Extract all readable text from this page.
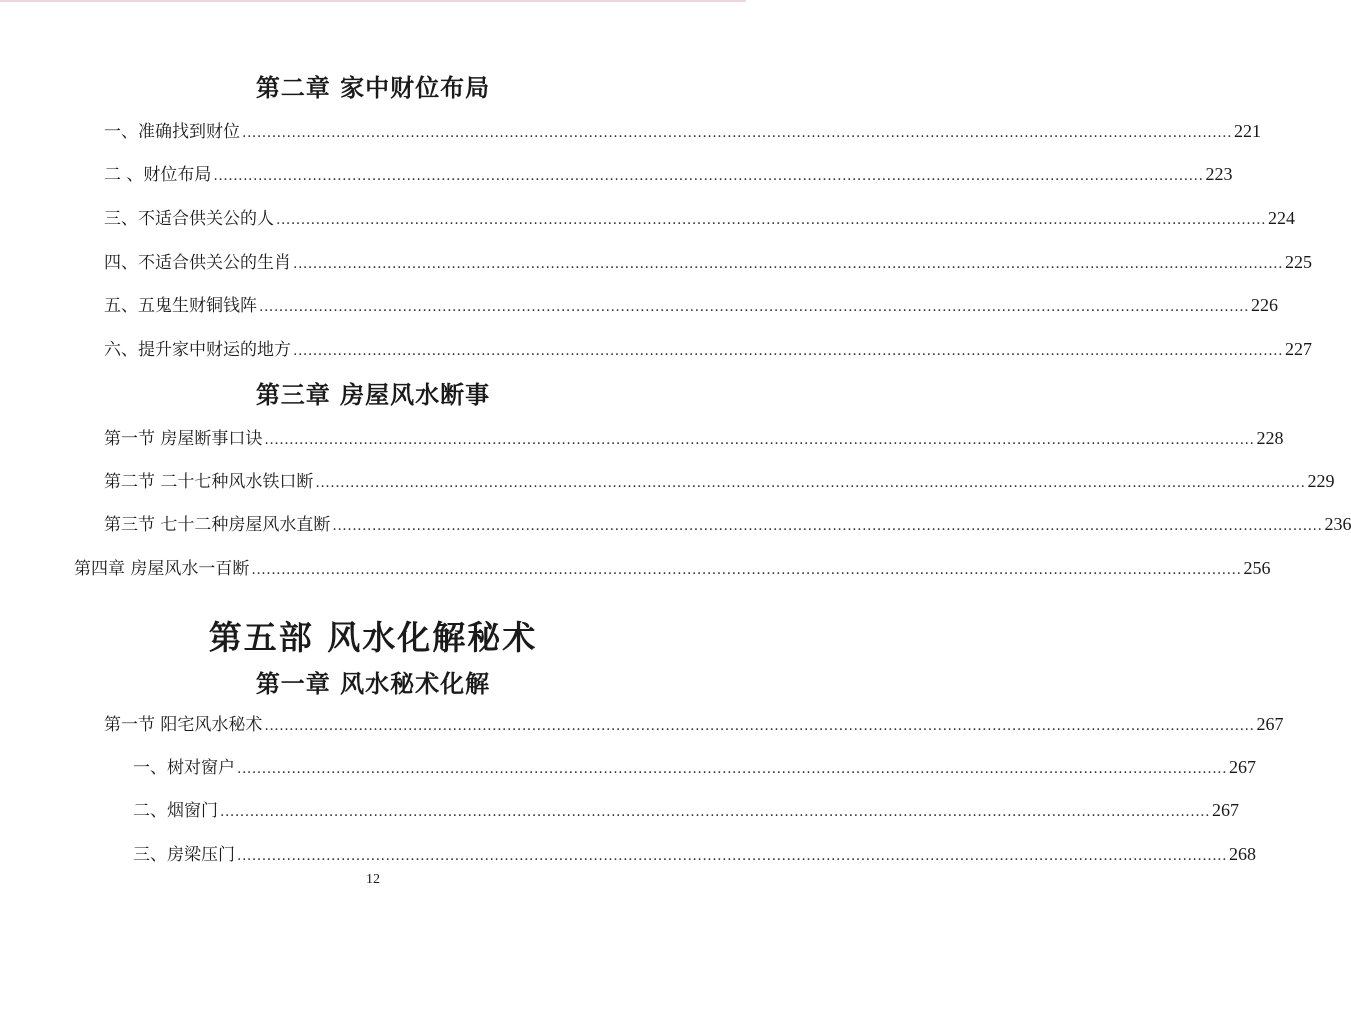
第二章 家中财位布局
一、准确找到财位 ........................................................................................................................................................................................................ 221
二 、财位布局 ........................................................................................................................................................................................................ 223
三、不适合供关公的人 ........................................................................................................................................................................................................ 224
四、不适合供关公的生肖 ........................................................................................................................................................................................................ 225
五、五鬼生财铜钱阵 ........................................................................................................................................................................................................ 226
六、提升家中财运的地方 ........................................................................................................................................................................................................ 227
第三章 房屋风水断事
第一节 房屋断事口诀 ........................................................................................................................................................................................................ 228
第二节 二十七种风水铁口断 ........................................................................................................................................................................................................ 229
第三节 七十二种房屋风水直断 ........................................................................................................................................................................................................ 236
第四章 房屋风水一百断 ........................................................................................................................................................................................................ 256
第五部 风水化解秘术
第一章 风水秘术化解
第一节 阳宅风水秘术 ........................................................................................................................................................................................................ 267
一、树对窗户 ........................................................................................................................................................................................................ 267
二、烟窗门 ........................................................................................................................................................................................................ 267
三、房梁压门 ........................................................................................................................................................................................................ 268
12
